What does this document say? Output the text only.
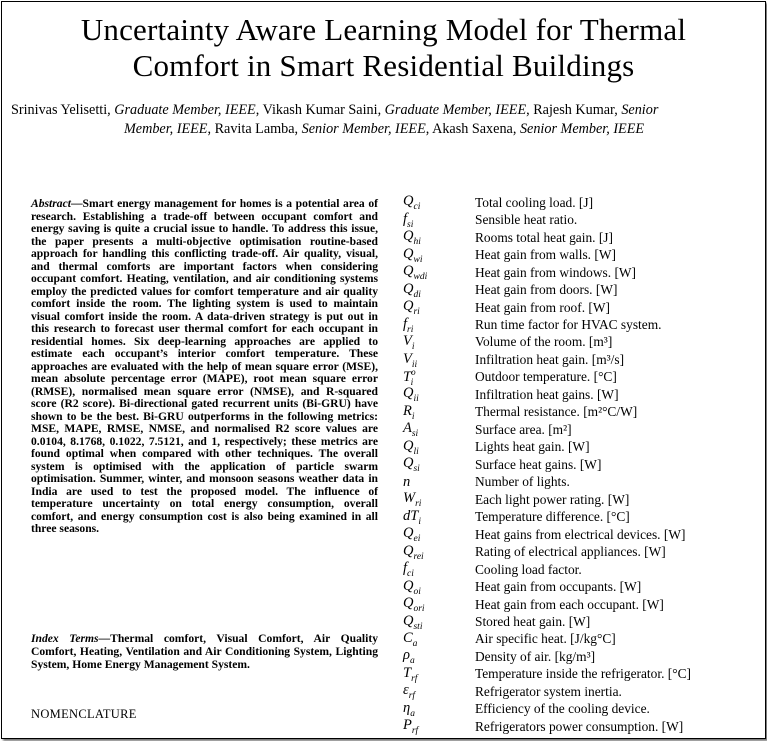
Uncertainty Aware Learning Model for Thermal
Comfort in Smart Residential Buildings
Srinivas Yelisetti, Graduate Member, IEEE, Vikash Kumar Saini, Graduate Member, IEEE, Rajesh Kumar, Senior
Member, IEEE, Ravita Lamba, Senior Member, IEEE, Akash Saxena, Senior Member, IEEE
Abstract—Smart energy management for homes is a potential area of research. Establishing a trade-off between occupant comfort and energy saving is quite a crucial issue to handle. To address this issue, the paper presents a multi-objective optimisation routine-based approach for handling this conflicting trade-off. Air quality, visual, and thermal comforts are important factors when considering occupant comfort. Heating, ventilation, and air conditioning systems employ the predicted values for comfort temperature and air quality comfort inside the room. The lighting system is used to maintain visual comfort inside the room. A data-driven strategy is put out in this research to forecast user thermal comfort for each occupant in residential homes. Six deep-learning approaches are applied to estimate each occupant’s interior comfort temperature. These approaches are evaluated with the help of mean square error (MSE), mean absolute percentage error (MAPE), root mean square error (RMSE), normalised mean square error (NMSE), and R-squared score (R2 score). Bi-directional gated recurrent units (Bi-GRU) have shown to be the best. Bi-GRU outperforms in the following metrics: MSE, MAPE, RMSE, NMSE, and normalised R2 score values are 0.0104, 8.1768, 0.1022, 7.5121, and 1, respectively; these metrics are found optimal when compared with other techniques. The overall system is optimised with the application of particle swarm optimisation. Summer, winter, and monsoon seasons weather data in India are used to test the proposed model. The influence of temperature uncertainty on total energy consumption, overall comfort, and energy consumption cost is also being examined in all three seasons.
Index Terms—Thermal comfort, Visual Comfort, Air Quality Comfort, Heating, Ventilation and Air Conditioning System, Lighting System, Home Energy Management System.
NOMENCLATURE
$Q_{ci}$	Total cooling load. [J]
$f_{si}$	Sensible heat ratio.
$Q_{hi}$	Rooms total heat gain. [J]
$Q_{wi}$	Heat gain from walls. [W]
$Q_{wdi}$	Heat gain from windows. [W]
$Q_{di}$	Heat gain from doors. [W]
$Q_{ri}$	Heat gain from roof. [W]
$f_{ri}$	Run time factor for HVAC system.
$V_i$	Volume of the room. [m³]
$V_{ii}$	Infiltration heat gain. [m³/s]
$T^o_i$	Outdoor temperature. [°C]
$Q_{ii}$	Infiltration heat gains. [W]
$R_i$	Thermal resistance. [m²°C/W]
$A_{si}$	Surface area. [m²]
$Q_{li}$	Lights heat gain. [W]
$Q_{si}$	Surface heat gains. [W]
n	Number of lights.
$W_{ri}$	Each light power rating. [W]
$dT_i$	Temperature difference. [°C]
$Q_{ei}$	Heat gains from electrical devices. [W]
$Q_{rei}$	Rating of electrical appliances. [W]
$f_{ci}$	Cooling load factor.
$Q_{oi}$	Heat gain from occupants. [W]
$Q_{ori}$	Heat gain from each occupant. [W]
$Q_{sti}$	Stored heat gain. [W]
$C_a$	Air specific heat. [J/kg°C]
$\rho_a$	Density of air. [kg/m³]
$T_{rf}$	Temperature inside the refrigerator. [°C]
$\varepsilon_{rf}$	Refrigerator system inertia.
$\eta_a$	Efficiency of the cooling device.
$P_{rf}$	Refrigerators power consumption. [W]
